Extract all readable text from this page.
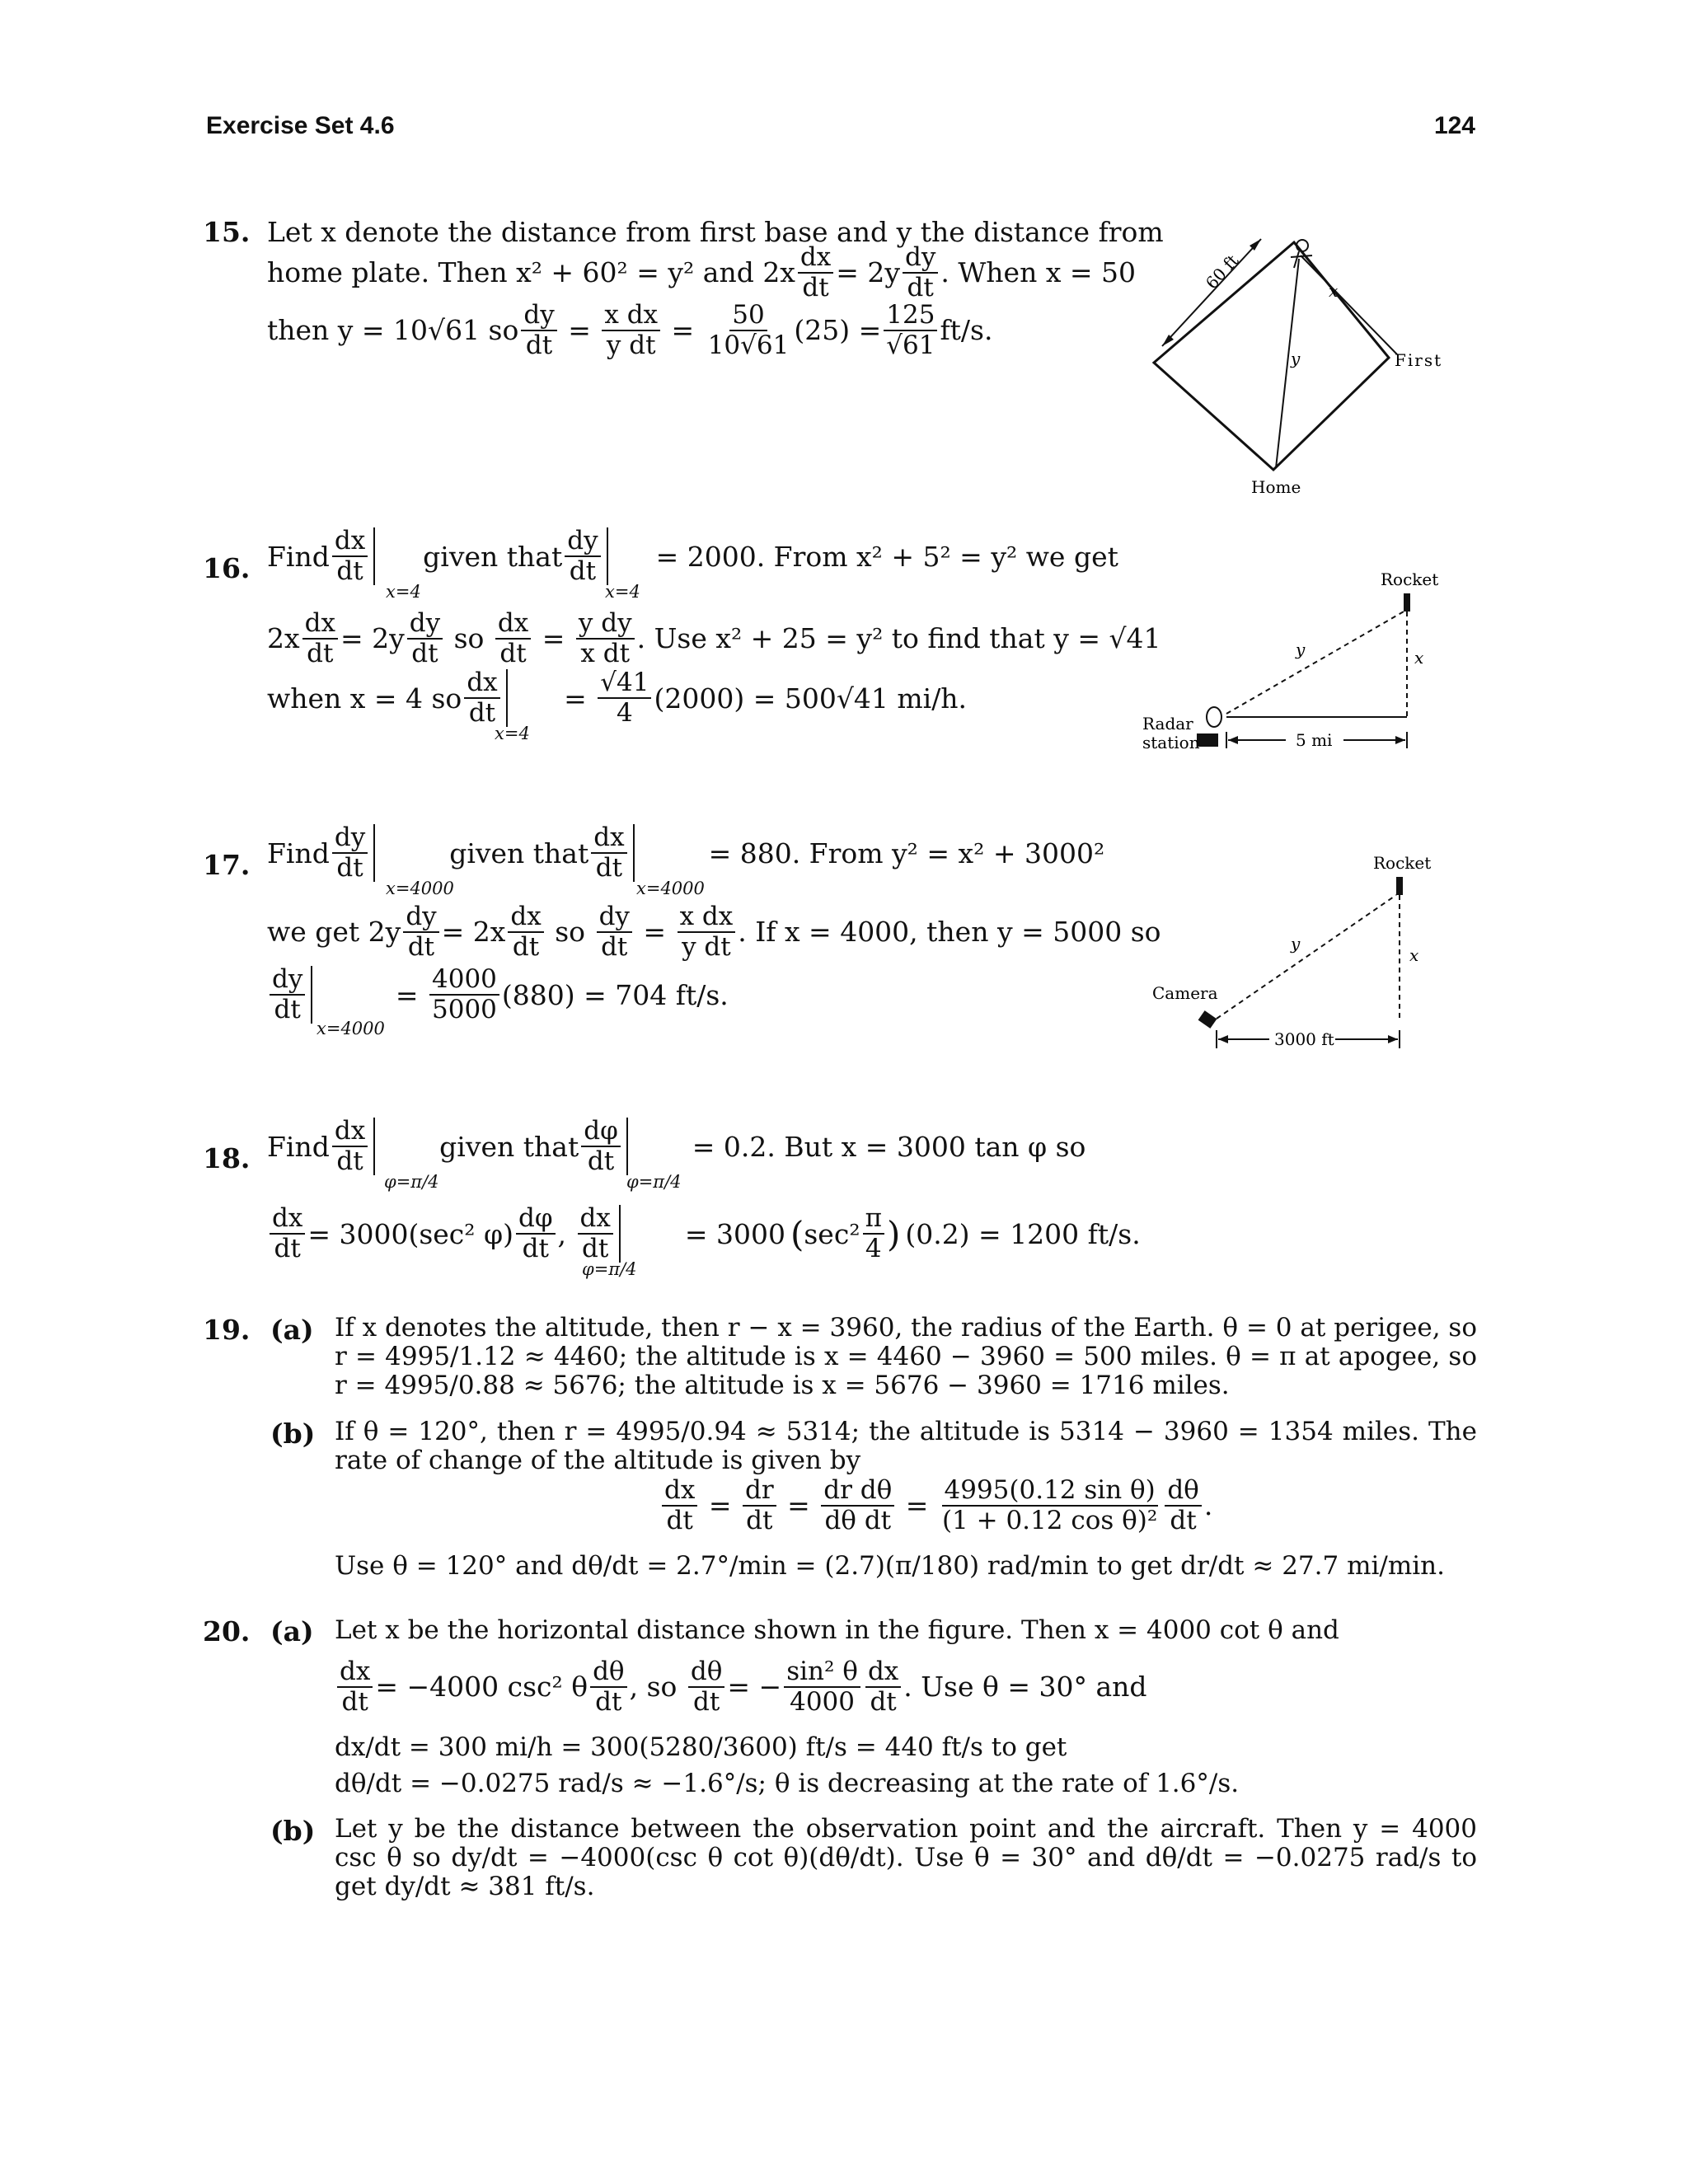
Exercise Set 4.6	124
15. Let x denote the distance from first base and y the distance from
home plate. Then x² + 60² = y² and $2x \frac{dx}{dt} = 2y \frac{dy}{dt}$ . When x = 50
then y = 10√61 so $\frac{dy}{dt} = \frac{\text{x dx}}{\text{y dt}} = \frac{50}{10√61} (25) = \frac{125}{√61} ft/s$.
60 ft	x
y	First
Home
16. Find $\frac{dx}{dt}$ given that $\frac{dy}{dt} = 2000$. From x² + 5² = y² we get
x=4	x=4
$2x \frac{dx}{dt} = 2y \frac{dy}{dt}$
so
$\frac{dx}{dt} = \frac{\text{y dy}}{\text{x dt}}$ . Use x² + 25 = y² to find that y = √41
when x = 4 so $\frac{dx}{dt} = \frac{√41}{4} (2000) = 500√41$ mi/h.
x=4
Rocket
y	x
Radar
station	5 mi
17. Find $\frac{dy}{dt}$	given that $\frac{dx}{dt}$	= 880. From y² = x² + 3000²
x=4000	x=4000
we get $2y \frac{dy}{dt} = 2x \frac{dx}{dt}$
so
$\frac{dy}{dt} = \frac{\text{x dx}}{\text{y dt}}$ . If x = 4000, then y = 5000 so
$\frac{dy}{dt}$	= $\frac{4000}{5000} (880) = 704$ ft/s.
x=4000
Rocket
y
x
Camera
3000 ft
18. Find $\frac{dx}{dt}$	given that $\frac{d\varphi}{dt}$	= 0.2. But x = 3000 tan φ so
φ=π/4	φ=π/4
$\frac{dx}{dt} = 3000(\sec^2$ $\varphi) \frac{d\varphi}{dt}$ , $\frac{dx}{dt}$	= 3000 ( $\sec^2 \frac{\pi}{4}$ ) (0.2) = 1200 ft/s.
φ=π/4
19. (a) If x denotes the altitude, then r − x = 3960, the radius of the Earth. θ = 0 at perigee, so r = 4995/1.12 ≈ 4460; the altitude is x = 4460 − 3960 = 500 miles. θ = π at apogee, so r = 4995/0.88 ≈ 5676; the altitude is x = 5676 − 3960 = 1716 miles.
(b) If θ = 120°, then r = 4995/0.94 ≈ 5314; the altitude is 5314 − 3960 = 1354 miles. The rate of change of the altitude is given by
$\frac{dx}{dt} = \frac{dr}{dt} = \frac{\text{dr dθ}}{\text{dθ dt}} = \frac{\text{4995(0.12 sin θ)}}{\text{(1 + 0.12 cos θ)²}} \frac{d\theta}{dt}$ .
Use θ = 120° and dθ/dt = 2.7°/min = (2.7)(π/180) rad/min to get dr/dt ≈ 27.7 mi/min.
20. (a) Let x be the horizontal distance shown in the figure. Then x = 4000 cot θ and
$\frac{dx}{dt} = -4000$ csc² θ $\frac{d\theta}{dt}$ , so
$\frac{d\theta}{dt}$ = − $\frac{\text{sin² θ}}{4000} \frac{dx}{dt}$ . Use θ = 30° and
dx/dt = 300 mi/h = 300(5280/3600) ft/s = 440 ft/s to get
dθ/dt = −0.0275 rad/s ≈ −1.6°/s; θ is decreasing at the rate of 1.6°/s.
(b) Let y be the distance between the observation point and the aircraft. Then y = 4000 csc θ so dy/dt = −4000(csc θ cot θ)(dθ/dt). Use θ = 30° and dθ/dt = −0.0275 rad/s to get dy/dt ≈ 381 ft/s.
